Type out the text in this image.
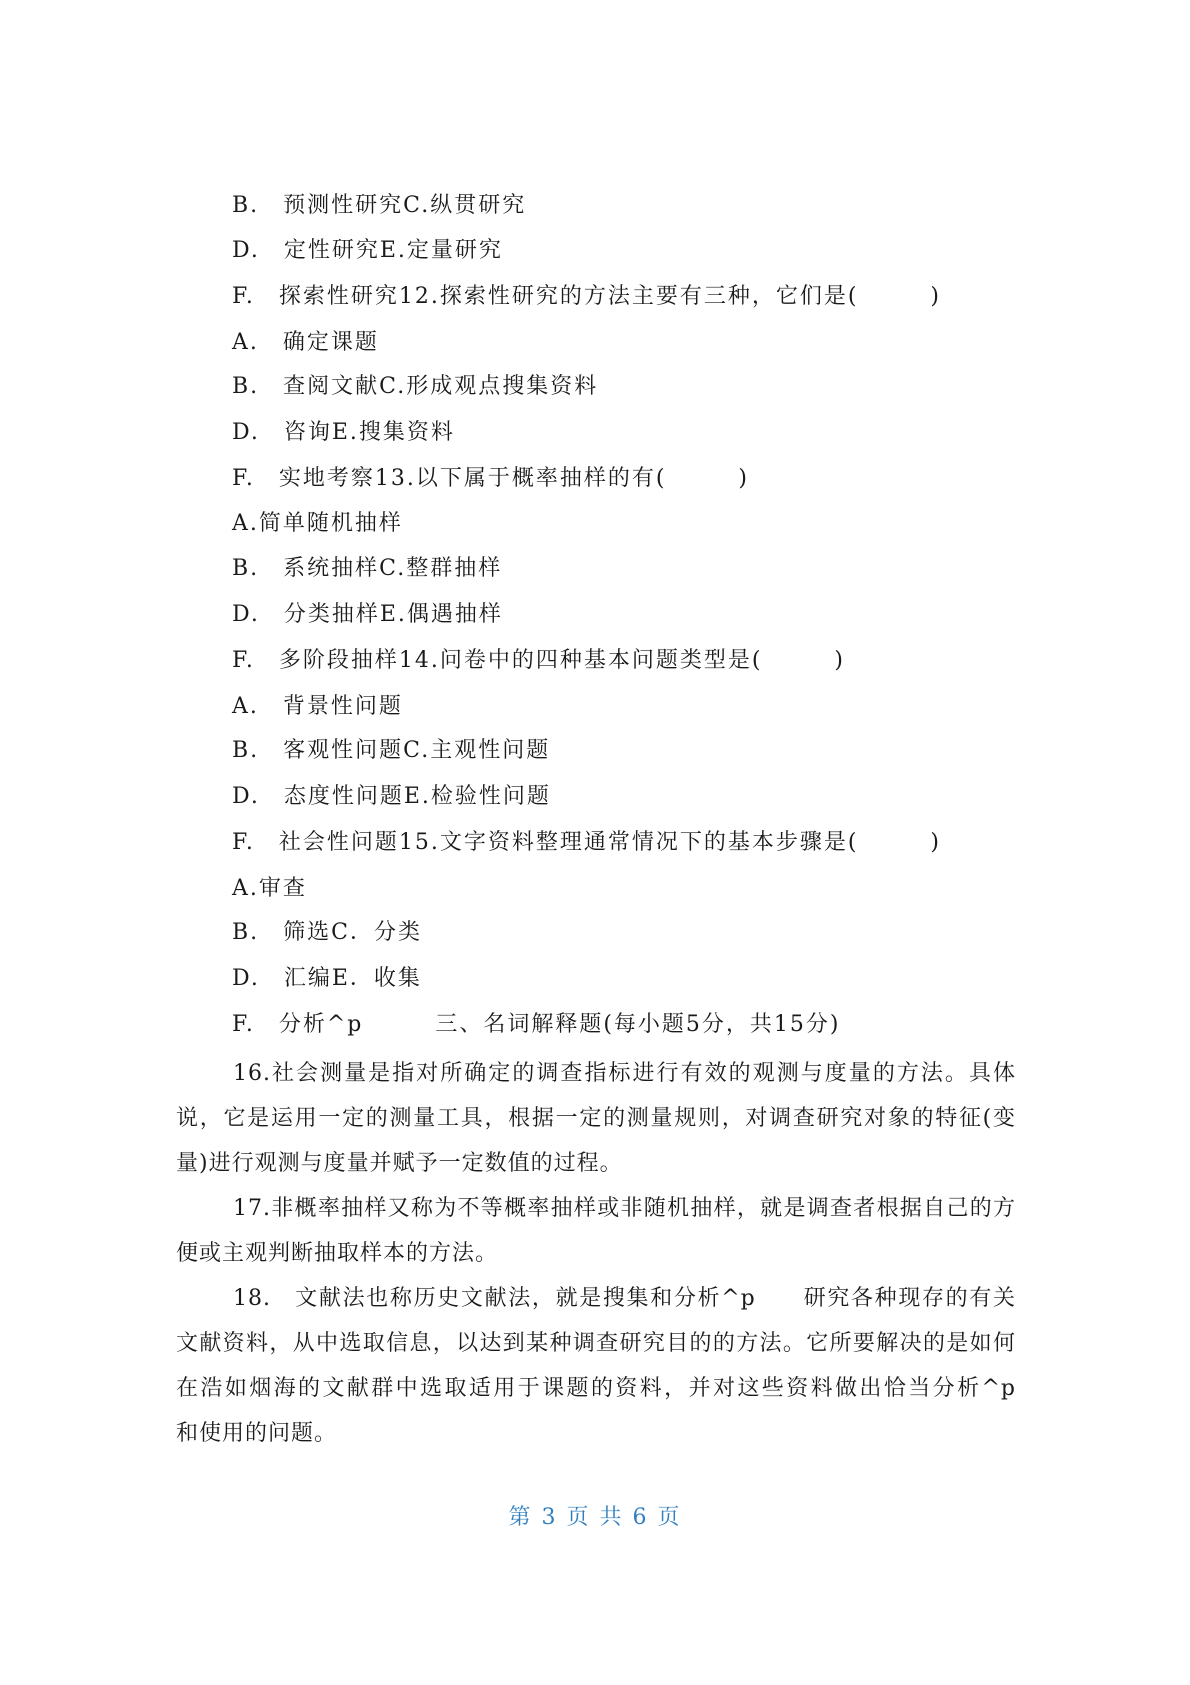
B.　预测性研究C.纵贯研究
D.　定性研究E.定量研究
F.　探索性研究12.探索性研究的方法主要有三种，它们是(　　　)
A.　确定课题
B.　查阅文献C.形成观点搜集资料
D.　咨询E.搜集资料
F.　实地考察13.以下属于概率抽样的有(　　　)
A.简单随机抽样
B.　系统抽样C.整群抽样
D.　分类抽样E.偶遇抽样
F.　多阶段抽样14.问卷中的四种基本问题类型是(　　　)
A.　背景性问题
B.　客观性问题C.主观性问题
D.　态度性问题E.检验性问题
F.　社会性问题15.文字资料整理通常情况下的基本步骤是(　　　)
A.审查
B.　筛选C．分类
D.　汇编E．收集
F.　分析^p　　　三、名词解释题(每小题5分，共15分)
16.社会测量是指对所确定的调查指标进行有效的观测与度量的方法。具体说，它是运用一定的测量工具，根据一定的测量规则，对调查研究对象的特征(变量)进行观测与度量并赋予一定数值的过程。
17.非概率抽样又称为不等概率抽样或非随机抽样，就是调查者根据自己的方便或主观判断抽取样本的方法。
18.　文献法也称历史文献法，就是搜集和分析^p　　研究各种现存的有关文献资料，从中选取信息，以达到某种调查研究目的的方法。它所要解决的是如何在浩如烟海的文献群中选取适用于课题的资料，并对这些资料做出恰当分析^p　　和使用的问题。
第 3 页 共 6 页
